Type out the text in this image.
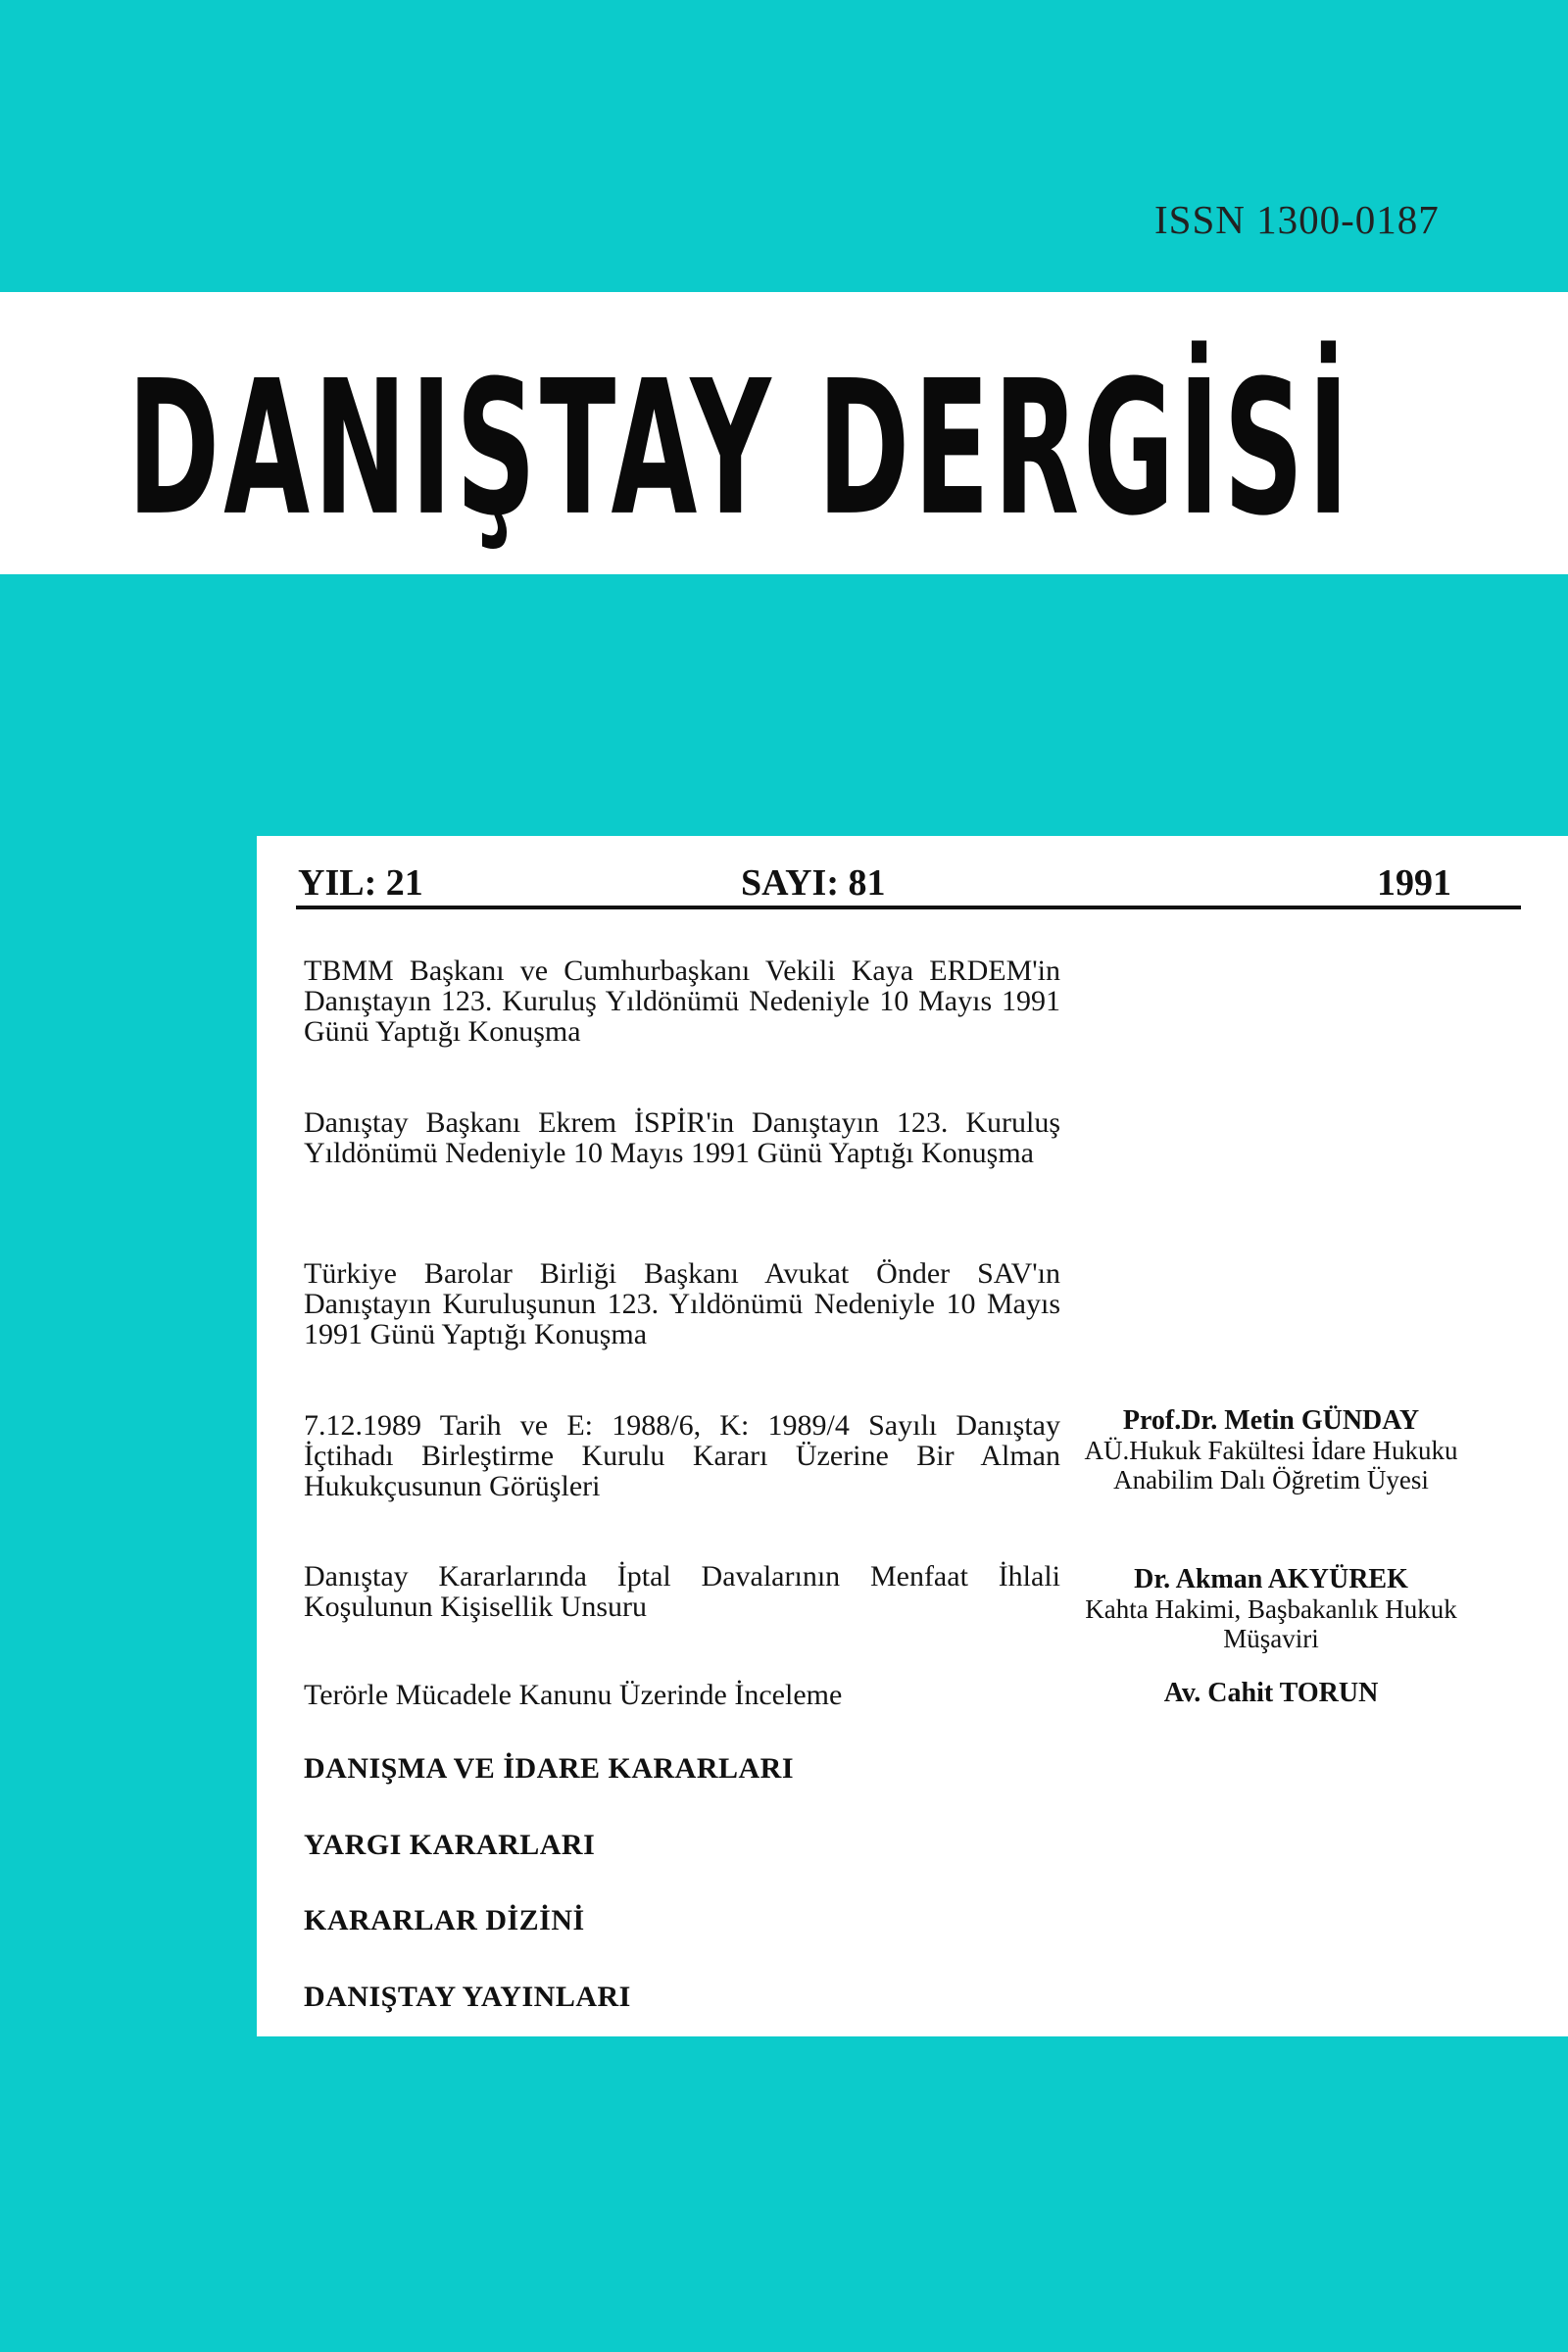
ISSN 1300-0187
DANIŞTAY DERGİSİ
YIL: 21	SAYI: 81	1991
TBMM Başkanı ve Cumhurbaşkanı Vekili Kaya ERDEM'in Danıştayın 123. Kuruluş Yıldönümü Nedeniyle 10 Mayıs 1991 Günü Yaptığı Konuşma
Danıştay Başkanı Ekrem İSPİR'in Danıştayın 123. Kuruluş Yıldönümü Nedeniyle 10 Mayıs 1991 Günü Yaptığı Konuşma
Türkiye Barolar Birliği Başkanı Avukat Önder SAV'ın Danıştayın Kuruluşunun 123. Yıldönümü Nedeniyle 10 Mayıs 1991 Günü Yaptığı Konuşma
7.12.1989 Tarih ve E: 1988/6, K: 1989/4 Sayılı Danıştay İçtihadı Birleştirme Kurulu Kararı Üzerine Bir Alman Hukukçusunun Görüşleri
Danıştay Kararlarında İptal Davalarının Menfaat İhlali Koşulunun Kişisellik Unsuru
Terörle Mücadele Kanunu Üzerinde İnceleme
Prof.Dr. Metin GÜNDAY
AÜ.Hukuk Fakültesi İdare Hukuku Anabilim Dalı Öğretim Üyesi
Dr. Akman AKYÜREK
Kahta Hakimi, Başbakanlık Hukuk Müşaviri
Av. Cahit TORUN
DANIŞMA VE İDARE KARARLARI
YARGI KARARLARI
KARARLAR DİZİNİ
DANIŞTAY YAYINLARI
